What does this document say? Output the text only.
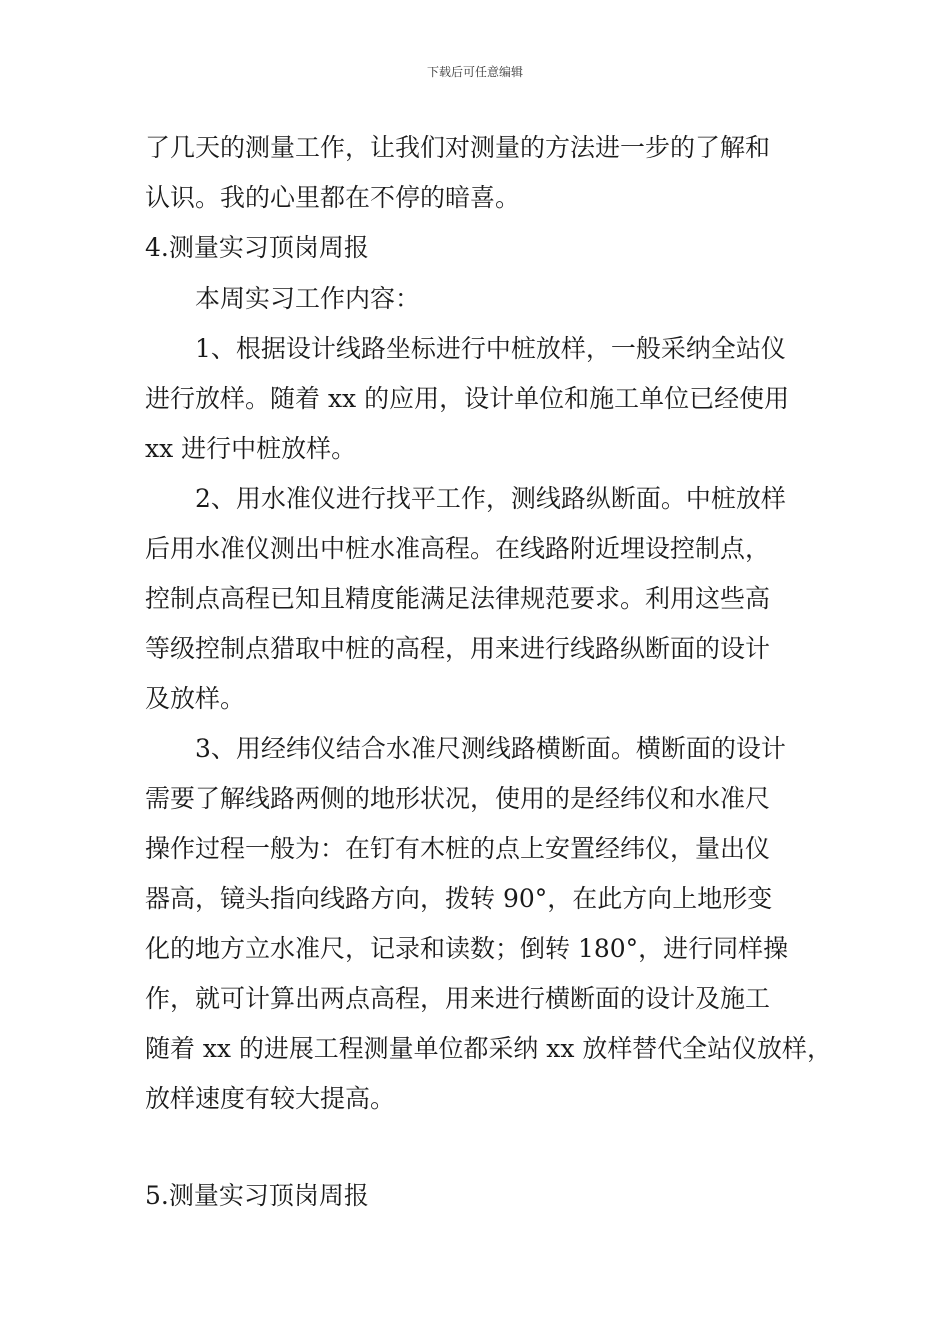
下载后可任意编辑
了几天的测量工作，让我们对测量的方法进一步的了解和
认识。我的心里都在不停的暗喜。
4.测量实习顶岗周报
本周实习工作内容：
1、根据设计线路坐标进行中桩放样，一般采纳全站仪
进行放样。随着 xx 的应用，设计单位和施工单位已经使用
xx 进行中桩放样。
2、用水准仪进行找平工作，测线路纵断面。中桩放样
后用水准仪测出中桩水准高程。在线路附近埋设控制点，
控制点高程已知且精度能满足法律规范要求。利用这些高
等级控制点猎取中桩的高程，用来进行线路纵断面的设计
及放样。
3、用经纬仪结合水准尺测线路横断面。横断面的设计
需要了解线路两侧的地形状况，使用的是经纬仪和水准尺
操作过程一般为：在钉有木桩的点上安置经纬仪，量出仪
器高，镜头指向线路方向，拨转 90°，在此方向上地形变
化的地方立水准尺，记录和读数；倒转 180°，进行同样操
作，就可计算出两点高程，用来进行横断面的设计及施工
随着 xx 的进展工程测量单位都采纳 xx 放样替代全站仪放样，
放样速度有较大提高。
5.测量实习顶岗周报
